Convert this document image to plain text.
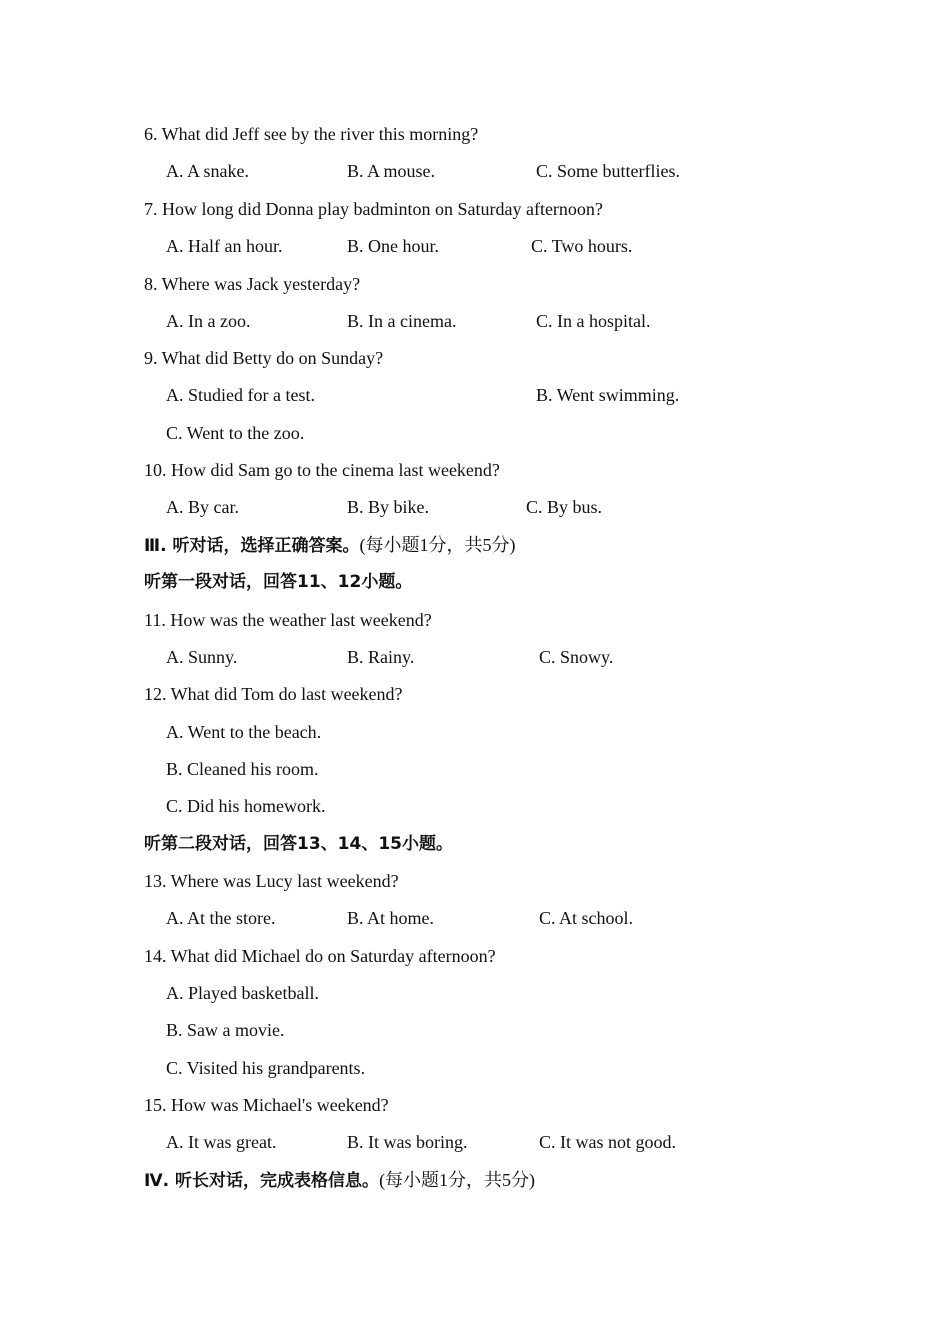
6. What did Jeff see by the river this morning?
A. A snake.	B. A mouse.	C. Some butterflies.
7. How long did Donna play badminton on Saturday afternoon?
A. Half an hour.	B. One hour.	C. Two hours.
8. Where was Jack yesterday?
A. In a zoo.	B. In a cinema.	C. In a hospital.
9. What did Betty do on Sunday?
A. Studied for a test.	B. Went swimming.
C. Went to the zoo.
10. How did Sam go to the cinema last weekend?
A. By car.	B. By bike.	C. By bus.
Ⅲ. 听对话，选择正确答案。(每小题1分，共5分)
听第一段对话，回答11、12小题。
11. How was the weather last weekend?
A. Sunny.	B. Rainy.	C. Snowy.
12. What did Tom do last weekend?
A. Went to the beach.
B. Cleaned his room.
C. Did his homework.
听第二段对话，回答13、14、15小题。
13. Where was Lucy last weekend?
A. At the store.	B. At home.	C. At school.
14. What did Michael do on Saturday afternoon?
A. Played basketball.
B. Saw a movie.
C. Visited his grandparents.
15. How was Michael's weekend?
A. It was great.	B. It was boring.	C. It was not good.
Ⅳ. 听长对话，完成表格信息。(每小题1分，共5分)
